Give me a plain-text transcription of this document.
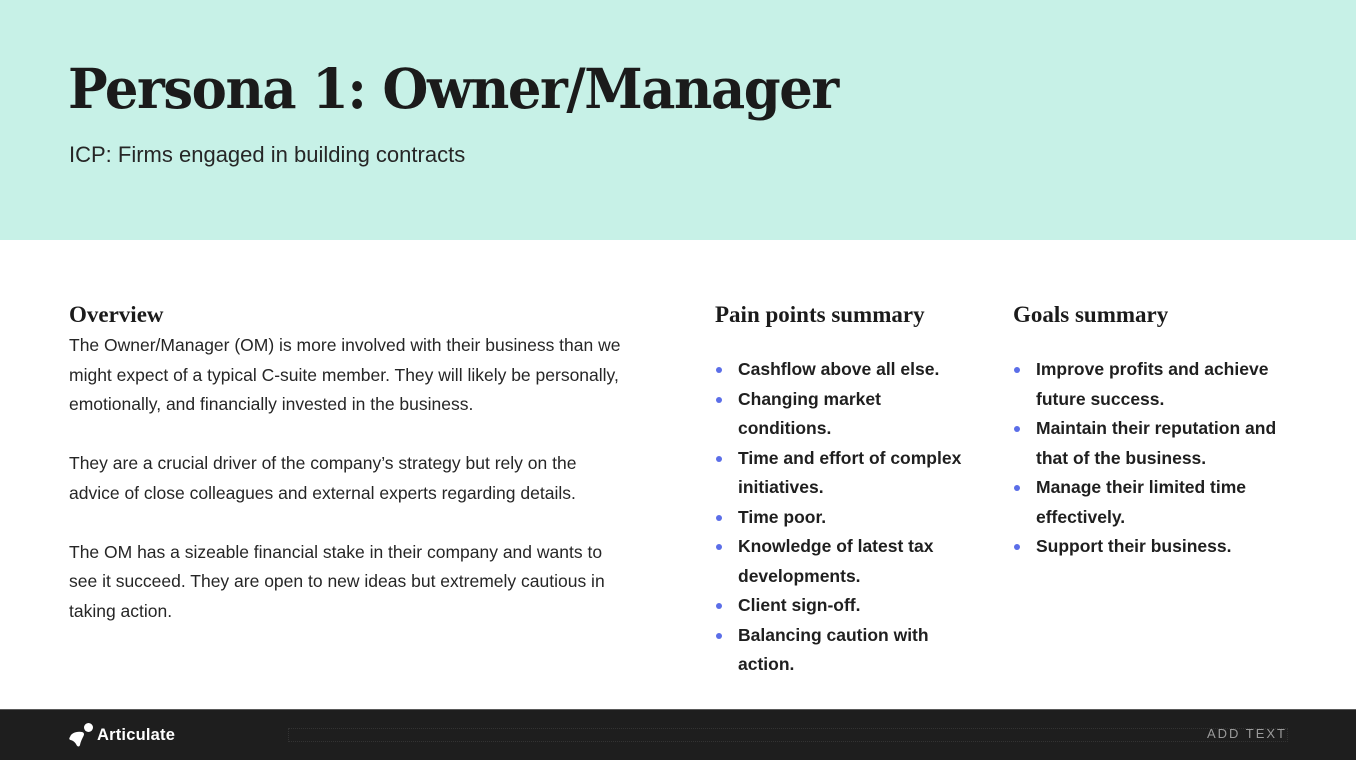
Persona 1: Owner/Manager
ICP: Firms engaged in building contracts
Overview

The Owner/Manager (OM) is more involved with their business than we might expect of a typical C-suite member. They will likely be personally, emotionally, and financially invested in the business.

They are a crucial driver of the company’s strategy but rely on the advice of close colleagues and external experts regarding details.

The OM has a sizeable financial stake in their company and wants to see it succeed. They are open to new ideas but extremely cautious in taking action.

Pain points summary
Cashflow above all else.
Changing market conditions.
Time and effort of complex initiatives.
Time poor.
Knowledge of latest tax developments.
Client sign-off.
Balancing caution with action.
Goals summary
Improve profits and achieve future success.
Maintain their reputation and that of the business.
Manage their limited time effectively.
Support their business.
Articulate	ADD TEXT
